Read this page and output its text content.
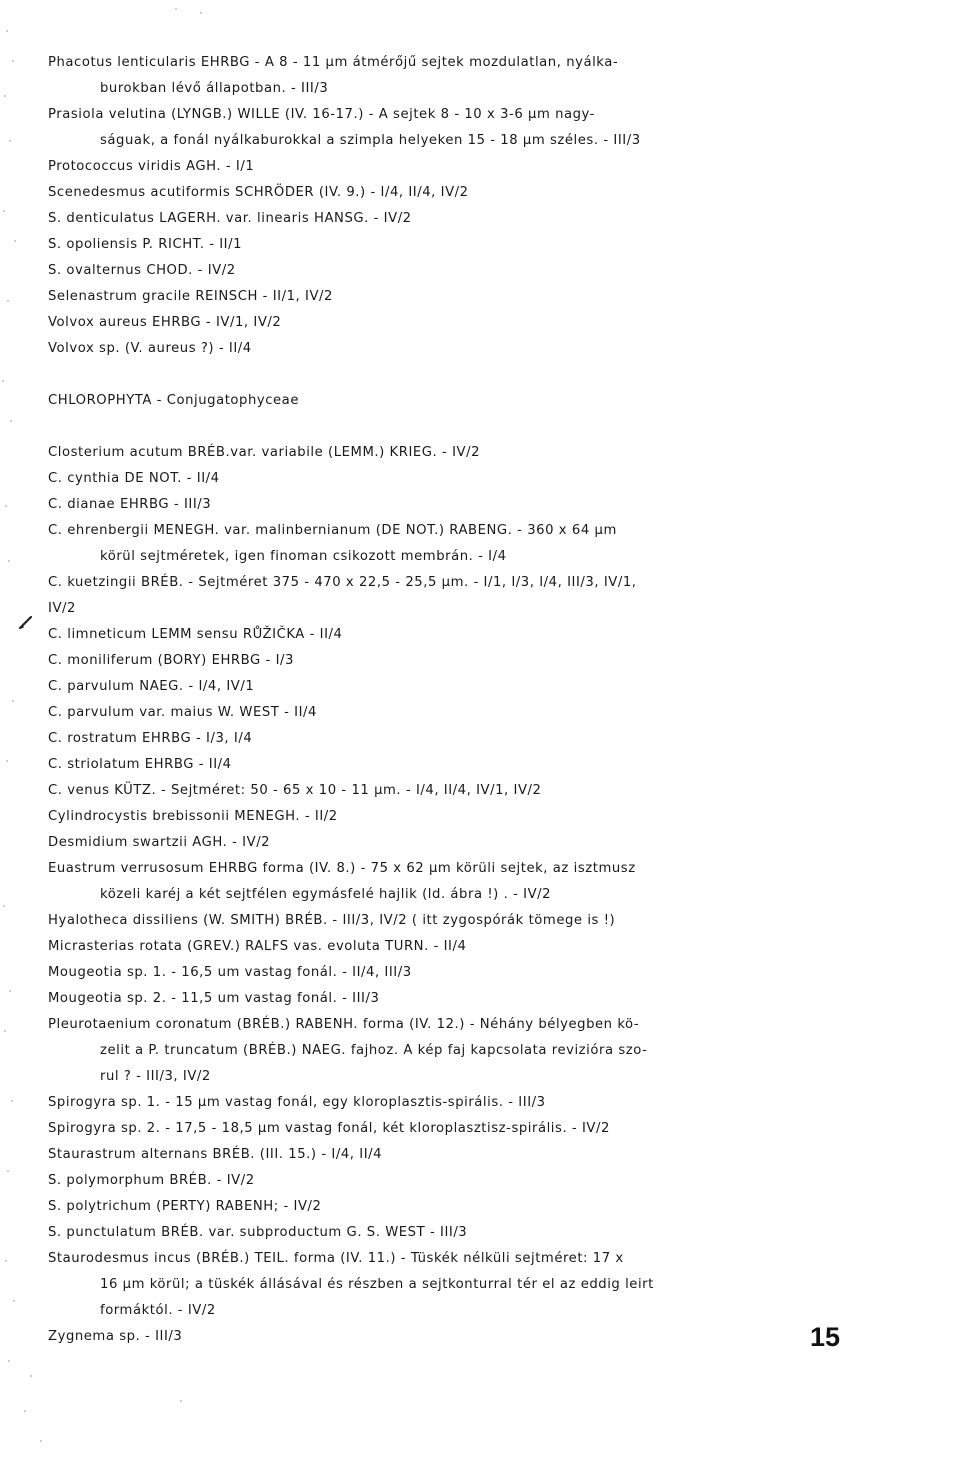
Phacotus lenticularis EHRBG - A 8 - 11 µm átmérőjű sejtek mozdulatlan, nyálka-
burokban lévő állapotban. - III/3
Prasiola velutina (LYNGB.) WILLE (IV. 16-17.) - A sejtek 8 - 10 x 3-6 µm nagy-
ságuak, a fonál nyálkaburokkal a szimpla helyeken 15 - 18 µm széles. - III/3
Protococcus viridis AGH. - I/1
Scenedesmus acutiformis SCHRÖDER (IV. 9.) - I/4, II/4, IV/2
S. denticulatus LAGERH. var. linearis HANSG. - IV/2
S. opoliensis P. RICHT. - II/1
S. ovalternus CHOD. - IV/2
Selenastrum gracile REINSCH - II/1, IV/2
Volvox aureus EHRBG - IV/1, IV/2
Volvox sp. (V. aureus ?) - II/4
CHLOROPHYTA - Conjugatophyceae
Closterium acutum BRÉB.var. variabile (LEMM.) KRIEG. - IV/2
C. cynthia DE NOT. - II/4
C. dianae EHRBG - III/3
C. ehrenbergii MENEGH. var. malinbernianum (DE NOT.) RABENG. - 360 x 64 µm
körül sejtméretek, igen finoman csikozott membrán. - I/4
C. kuetzingii BRÉB. - Sejtméret 375 - 470 x 22,5 - 25,5 µm. - I/1, I/3, I/4, III/3, IV/1,
IV/2
C. limneticum LEMM sensu RŮŽIČKA - II/4
C. moniliferum (BORY) EHRBG - I/3
C. parvulum NAEG. - I/4, IV/1
C. parvulum var. maius W. WEST - II/4
C. rostratum EHRBG - I/3, I/4
C. striolatum EHRBG - II/4
C. venus KÜTZ. - Sejtméret: 50 - 65 x 10 - 11 µm. - I/4, II/4, IV/1, IV/2
Cylindrocystis brebissonii MENEGH. - II/2
Desmidium swartzii AGH. - IV/2
Euastrum verrusosum EHRBG forma (IV. 8.) - 75 x 62 µm körüli sejtek, az isztmusz
közeli karéj a két sejtfélen egymásfelé hajlik (ld. ábra !) . - IV/2
Hyalotheca dissiliens (W. SMITH) BRÉB. - III/3, IV/2 ( itt zygospórák tömege is !)
Micrasterias rotata (GREV.) RALFS vas. evoluta TURN. - II/4
Mougeotia sp. 1. - 16,5 um vastag fonál. - II/4, III/3
Mougeotia sp. 2. - 11,5 um vastag fonál. - III/3
Pleurotaenium coronatum (BRÉB.) RABENH. forma (IV. 12.) - Néhány bélyegben kö-
zelit a P. truncatum (BRÉB.) NAEG. fajhoz. A kép faj kapcsolata revizióra szo-
rul ? - III/3, IV/2
Spirogyra sp. 1. - 15 µm vastag fonál, egy kloroplasztis-spirális. - III/3
Spirogyra sp. 2. - 17,5 - 18,5 µm vastag fonál, két kloroplasztisz-spirális. - IV/2
Staurastrum alternans BRÉB. (III. 15.) - I/4, II/4
S. polymorphum BRÉB. - IV/2
S. polytrichum (PERTY) RABENH; - IV/2
S. punctulatum BRÉB. var. subproductum G. S. WEST - III/3
Staurodesmus incus (BRÉB.) TEIL. forma (IV. 11.) - Tüskék nélküli sejtméret: 17 x
16 µm körül; a tüskék állásával és részben a sejtkonturral tér el az eddig leirt
formáktól. - IV/2
Zygnema sp. - III/3	15
